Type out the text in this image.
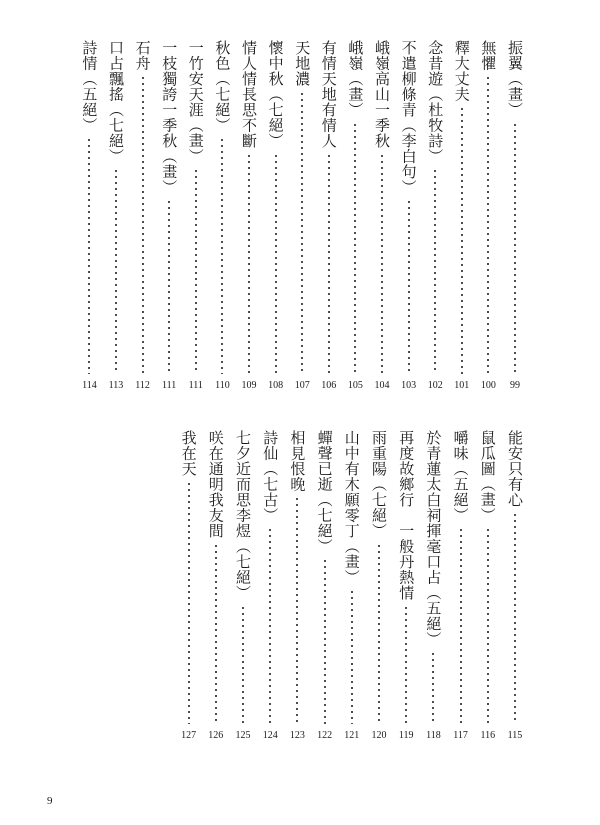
振翼（畫）
99
無懼
100
釋大丈夫
101
念昔遊（杜牧詩）
102
不遣柳條青（李白句）
103
峨嶺高山一季秋
104
峨嶺（畫）
105
有情天地有情人
106
天地濃
107
懷中秋（七絕）
108
情人情長思不斷
109
秋色（七絕）
110
一竹安天涯（畫）
111
一枝獨誇一季秋（畫）
111
石舟
112
口占飄搖（七絕）
113
詩情（五絕）
114
能安只有心
115
鼠瓜圖（畫）
116
嚼味（五絕）
117
於青蓮太白祠揮毫口占（五絕）
118
再度故鄉行　一般丹熱情
119
雨重陽（七絕）
120
山中有木願零丁（畫）
121
蟬聲已逝（七絕）
122
相見恨晚
123
詩仙（七古）
124
七夕近而思李煜（七絕）
125
咲在通明我友間
126
我在天
127
9
